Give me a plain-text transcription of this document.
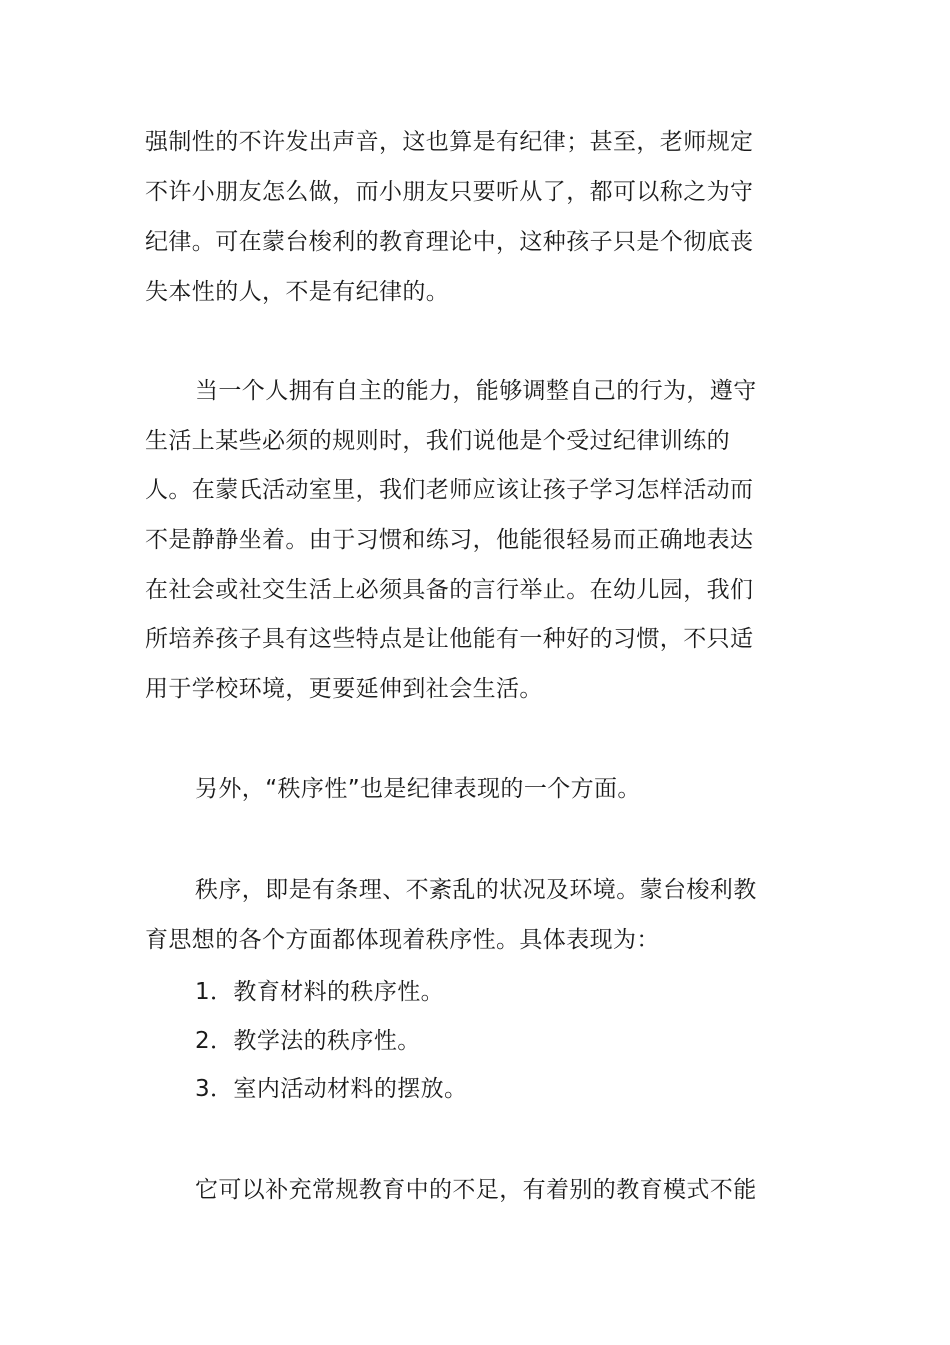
强制性的不许发出声音，这也算是有纪律；甚至，老师规定
不许小朋友怎么做，而小朋友只要听从了，都可以称之为守
纪律。可在蒙台梭利的教育理论中，这种孩子只是个彻底丧
失本性的人，不是有纪律的。
当一个人拥有自主的能力，能够调整自己的行为，遵守
生活上某些必须的规则时，我们说他是个受过纪律训练的
人。在蒙氏活动室里，我们老师应该让孩子学习怎样活动而
不是静静坐着。由于习惯和练习，他能很轻易而正确地表达
在社会或社交生活上必须具备的言行举止。在幼儿园，我们
所培养孩子具有这些特点是让他能有一种好的习惯，不只适
用于学校环境，更要延伸到社会生活。
另外，“秩序性”也是纪律表现的一个方面。
秩序，即是有条理、不紊乱的状况及环境。蒙台梭利教
育思想的各个方面都体现着秩序性。具体表现为：
1．教育材料的秩序性。
2．教学法的秩序性。
3．室内活动材料的摆放。
它可以补充常规教育中的不足，有着别的教育模式不能
